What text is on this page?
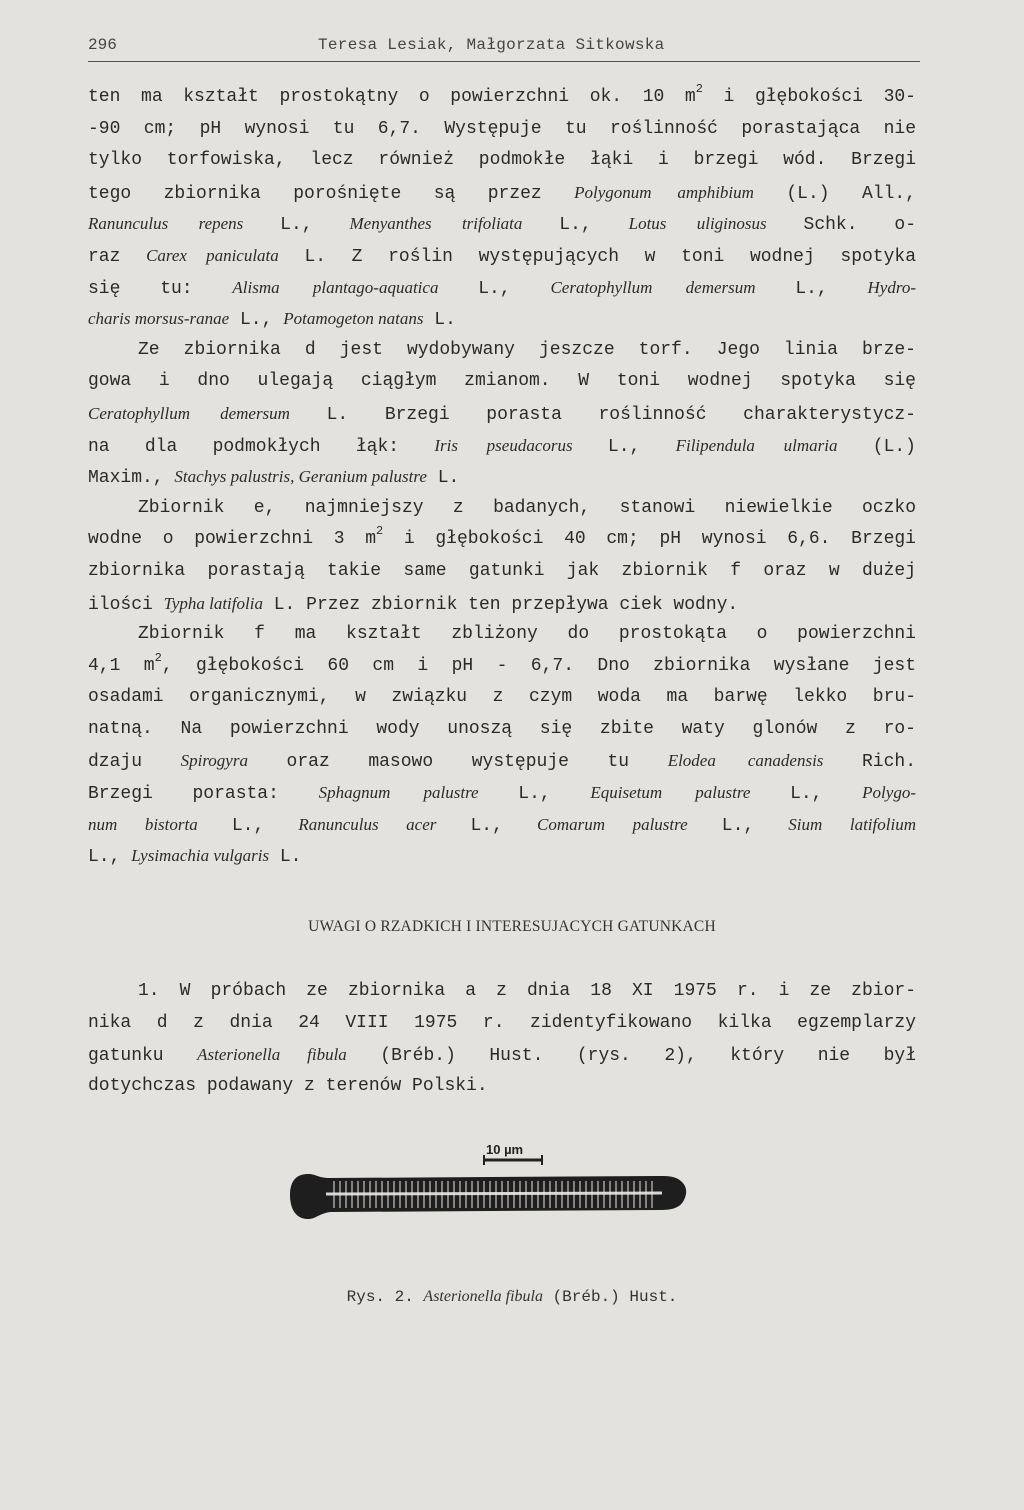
296	Teresa Lesiak, Małgorzata Sitkowska
ten ma kształt prostokątny o powierzchni ok. 10 $m^2$ i głębokości 30-
-90 cm; pH wynosi tu 6,7. Występuje tu roślinność porastająca nie
tylko torfowiska, lecz również podmokłe łąki i brzegi wód. Brzegi
tego zbiornika porośnięte są przez Polygonum amphibium (L.) All.,
Ranunculus repens L., Menyanthes trifoliata L., Lotus uliginosus Schk. o-
raz Carex paniculata L. Z roślin występujących w toni wodnej spotyka
się tu: Alisma plantago-aquatica L., Ceratophyllum demersum L., Hydro-
charis morsus-ranae L., Potamogeton natans L.
Ze zbiornika d jest wydobywany jeszcze torf. Jego linia brze-
gowa i dno ulegają ciągłym zmianom. W toni wodnej spotyka się
Ceratophyllum demersum L. Brzegi porasta roślinność charakterystycz-
na dla podmokłych łąk: Iris pseudacorus L., Filipendula ulmaria (L.)
Maxim., Stachys palustris, Geranium palustre L.
Zbiornik e, najmniejszy z badanych, stanowi niewielkie oczko
wodne o powierzchni 3 $m^2$ i głębokości 40 cm; pH wynosi 6,6. Brzegi
zbiornika porastają takie same gatunki jak zbiornik f oraz w dużej
ilości Typha latifolia L. Przez zbiornik ten przepływa ciek wodny.
Zbiornik f ma kształt zbliżony do prostokąta o powierzchni
4,1 $m^2$, głębokości 60 cm i pH - 6,7. Dno zbiornika wysłane jest
osadami organicznymi, w związku z czym woda ma barwę lekko bru-
natną. Na powierzchni wody unoszą się zbite waty glonów z ro-
dzaju Spirogyra oraz masowo występuje tu Elodea canadensis Rich.
Brzegi porasta: Sphagnum palustre L., Equisetum palustre L., Polygo-
num bistorta L., Ranunculus acer L., Comarum palustre L., Sium latifolium
L., Lysimachia vulgaris L.
UWAGI O RZADKICH I INTERESUJACYCH GATUNKACH
1. W próbach ze zbiornika a z dnia 18 XI 1975 r. i ze zbior-
nika d z dnia 24 VIII 1975 r. zidentyfikowano kilka egzemplarzy
gatunku Asterionella fibula (Bréb.) Hust. (rys. 2), który nie był
dotychczas podawany z terenów Polski.
10 µm
Rys. 2. Asterionella fibula (Bréb.) Hust.
